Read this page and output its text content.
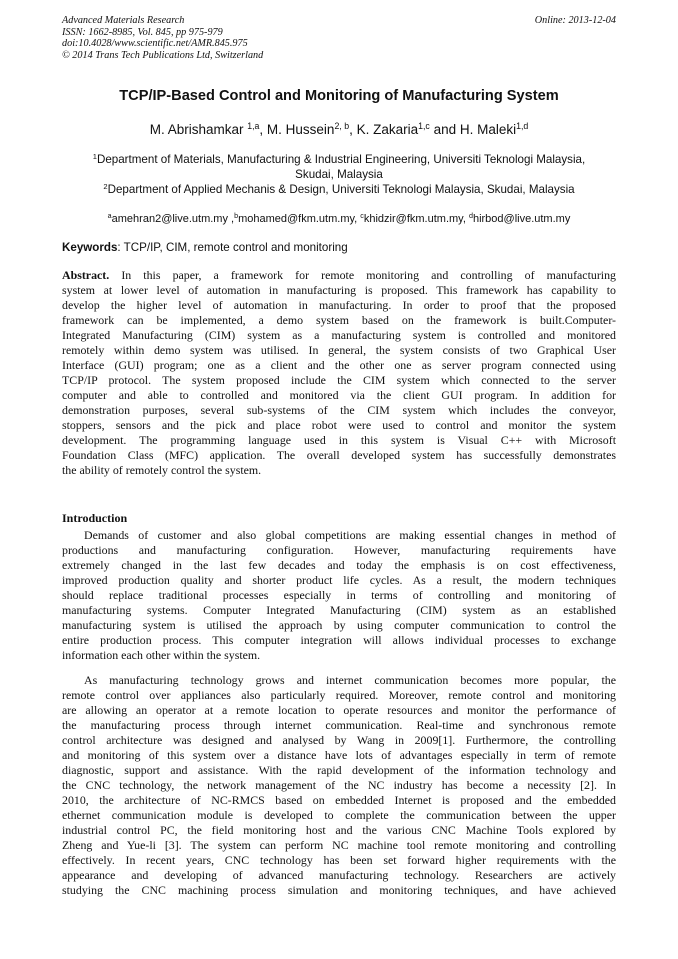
Advanced Materials Research
ISSN: 1662-8985, Vol. 845, pp 975-979
doi:10.4028/www.scientific.net/AMR.845.975
© 2014 Trans Tech Publications Ltd, Switzerland
Online: 2013-12-04
TCP/IP-Based Control and Monitoring of Manufacturing System
M. Abrishamkar $^{1,a}$, M. Hussein$^{2, b}$, K. Zakaria$^{1,c}$ and H. Maleki$^{1,d}$
$^1$Department of Materials, Manufacturing & Industrial Engineering, Universiti Teknologi Malaysia,
Skudai, Malaysia
$^2$Department of Applied Mechanis & Design, Universiti Teknologi Malaysia, Skudai, Malaysia
$^a$amehran2@live.utm.my ,$^b$mohamed@fkm.utm.my, $^c$khidzir@fkm.utm.my, $^d$hirbod@live.utm.my
Keywords: TCP/IP, CIM, remote control and monitoring
Abstract. In this paper, a framework for remote monitoring and controlling of manufacturing
system at lower level of automation in manufacturing is proposed. This framework has capability to
develop the higher level of automation in manufacturing. In order to proof that the proposed
framework can be implemented, a demo system based on the framework is built.Computer-
Integrated Manufacturing (CIM) system as a manufacturing system is controlled and monitored
remotely within demo system was utilised. In general, the system consists of two Graphical User
Interface (GUI) program; one as a client and the other one as server program connected using
TCP/IP protocol. The system proposed include the CIM system which connected to the server
computer and able to controlled and monitored via the client GUI program. In addition for
demonstration purposes, several sub-systems of the CIM system which includes the conveyor,
stoppers, sensors and the pick and place robot were used to control and monitor the system
development. The programming language used in this system is Visual C++ with Microsoft
Foundation Class (MFC) application. The overall developed system has successfully demonstrates
the ability of remotely control the system.
Introduction
Demands of customer and also global competitions are making essential changes in method of
productions and manufacturing configuration. However, manufacturing requirements have
extremely changed in the last few decades and today the emphasis is on cost effectiveness,
improved production quality and shorter product life cycles. As a result, the modern techniques
should replace traditional processes especially in terms of controlling and monitoring of
manufacturing systems. Computer Integrated Manufacturing (CIM) system as an established
manufacturing system is utilised the approach by using computer communication to control the
entire production process. This computer integration will allows individual processes to exchange
information each other within the system.
As manufacturing technology grows and internet communication becomes more popular, the
remote control over appliances also particularly required. Moreover, remote control and monitoring
are allowing an operator at a remote location to operate resources and monitor the performance of
the manufacturing process through internet communication. Real-time and synchronous remote
control architecture was designed and analysed by Wang in 2009[1]. Furthermore, the controlling
and monitoring of this system over a distance have lots of advantages especially in term of remote
diagnostic, support and assistance. With the rapid development of the information technology and
the CNC technology, the network management of the NC industry has become a necessity [2]. In
2010, the architecture of NC-RMCS based on embedded Internet is proposed and the embedded
ethernet communication module is developed to complete the communication between the upper
industrial control PC, the field monitoring host and the various CNC Machine Tools explored by
Zheng and Yue-li [3]. The system can perform NC machine tool remote monitoring and controlling
effectively. In recent years, CNC technology has been set forward higher requirements with the
appearance and developing of advanced manufacturing technology. Researchers are actively
studying the CNC machining process simulation and monitoring techniques, and have achieved
